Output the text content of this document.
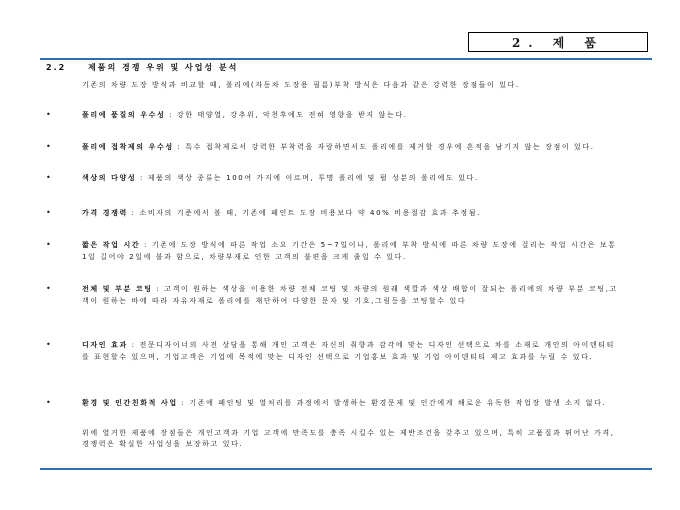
2. 제 품
2.2	제품의 경쟁 우위 및 사업성 분석
기존의 차량 도장 방식과 비교할 때, 폴리에(자동차 도장용 필름)부착 방식은 다음과 같은 강력한 장점들이 있다.
•	폴리에 품질의 우수성 : 강한 태양열, 강추위, 악천후에도 전혀 영향을 받지 않는다.
•	폴리에 접착제의 우수성 : 특수 접착제로서 강력한 부착력을 자랑하면서도 폴리에를 제거할 경우에 흔적을 남기지 않는 장점이 있다.
•	색상의 다양성 : 제품의 색상 종류는 100여 가지에 이르며, 투명 폴리에 및 펄 성분의 폴리에도 있다.
•	가격 경쟁력 : 소비자의 기준에서 볼 때, 기존에 페인트 도장 비용보다 약 40% 비용절감 효과 추정됨.
•	짧은 작업 시간 : 기존에 도장 방식에 따른 작업 소요 기간은 5~7일이나, 폴리에 부착 방식에 따른 차량 도장에 걸리는 작업 시간은 보통 1일 길어야 2일에 불과 함으로, 차량부재로 인한 고객의 불편을 크게 줄일 수 있다.
•	전체 및 부분 코팅 : 고객이 원하는 색상을 이용한 차량 전체 코팅 및 차량의 원래 색깔과 색상 배합이 잘되는 폴리에의 차량 부분 코팅,고객이 원하는 바에 따라 자유자재로 폴리에를 재단하여 다양한 문자 및 기호,그림등을 코팅할수 있다
•	디자인 효과 : 전문디자이너의 사전 상담을 통해 개인 고객은 자신의 취향과 감각에 맞는 디자인 선택으로 차를 소재로 개인의 아이덴티티를 표현할수 있으며, 기업고객은 기업에 목적에 맞는 디자인 선택으로 기업홍보 효과 및 기업 아이덴티티 제고 효과를 누릴 수 있다.
•	환경 및 인간친화적 사업 : 기존에 페인팅 및 열처리를 과정에서 발생하는 환경문제 및 인간에게 해로운 유독한 작업장 발생 소지 없다.
위에 열거한 제품에 장점들은 개인고객과 기업 고객에 만족도를 충족 시킬수 있는 제반조건을 갖추고 있으며, 특히 고품질과 뛰어난 가격, 경쟁력은 확실한 사업성을 보장하고 있다.
